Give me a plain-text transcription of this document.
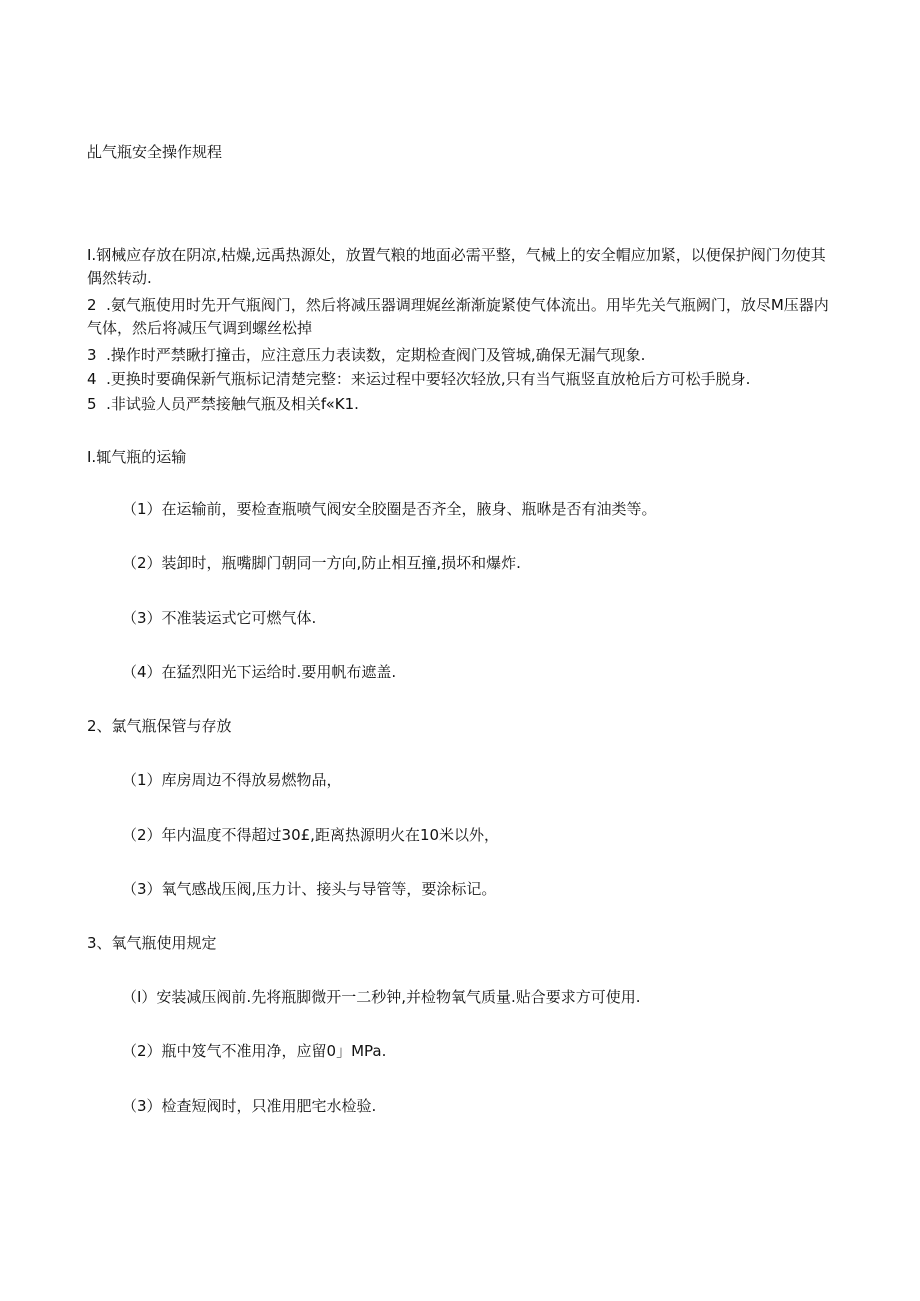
乩气瓶安全操作规程
I.钢械应存放在阴凉,枯燥,远禹热源处，放置气粮的地面必需平整，气械上的安全帽应加紧，以便保护阀门勿使其偶然转动.
2  .氨气瓶使用时先开气瓶阀门，然后将减压器调理娓丝渐渐旋紧使气体流出。用毕先关气瓶阙门，放尽M压器内气体，然后将减压气调到螺丝松掉
3  .操作时严禁瞅打撞击，应注意压力表读数，定期检查阀门及管城,确保无漏气现象.
4  .更换时要确保新气瓶标记清楚完整：来运过程中要轻次轻放,只有当气瓶竖直放枪后方可松手脱身.
5  .非试验人员严禁接触气瓶及相关f«K1.
I.辄气瓶的运输
（1）在运输前，要检查瓶喷气阀安全胶圈是否齐全，腋身、瓶咻是否有油类等。
（2）装卸时，瓶嘴脚门朝同一方向,防止相互撞,损坏和爆炸.
（3）不准装运式它可燃气体.
（4）在猛烈阳光下运给时.要用帆布遮盖.
2、氯气瓶保管与存放
（1）库房周边不得放易燃物品，
（2）年内温度不得超过30£,距离热源明火在10米以外，
（3）氧气感战压阀,压力计、接头与导管等，要涂标记。
3、氧气瓶使用规定
（I）安装减压阀前.先将瓶脚微开一二秒钟,并检物氧气质量.贴合要求方可使用.
（2）瓶中笈气不准用净，应留0」MPa.
（3）检查短阀时，只准用肥宅水检验.
